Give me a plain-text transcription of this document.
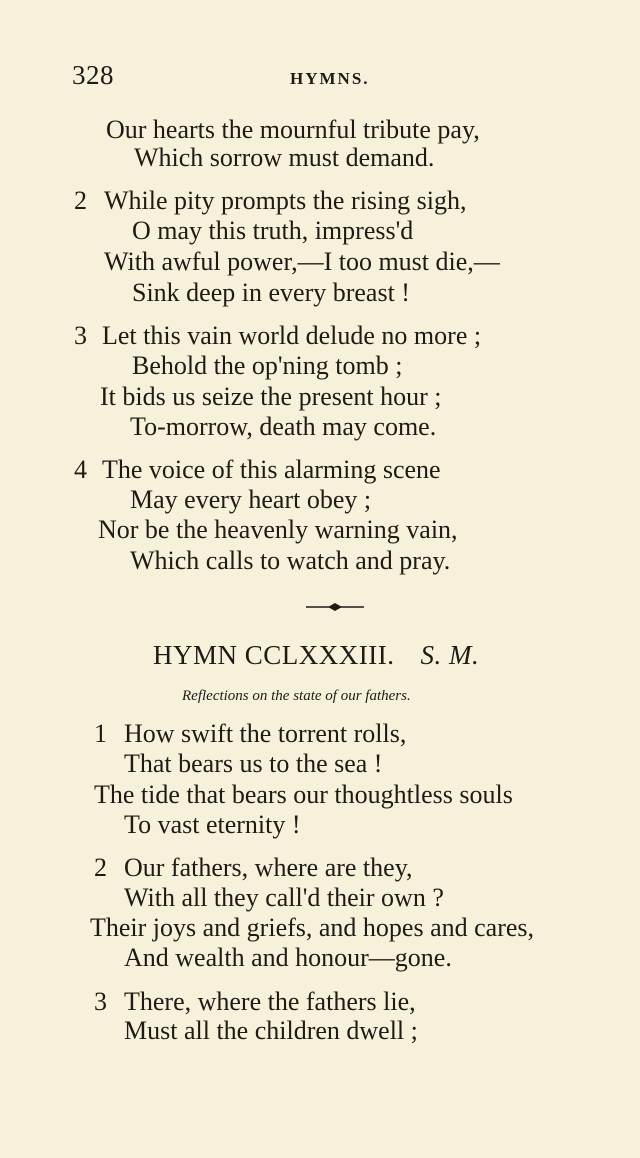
328	HYMNS.
Our hearts the mournful tribute pay,
Which sorrow must demand.
2 While pity prompts the rising sigh,
O may this truth, impress'd
With awful power,—I too must die,—
Sink deep in every breast !
3 Let this vain world delude no more ;
Behold the op'ning tomb ;
It bids us seize the present hour ;
To-morrow, death may come.
4 The voice of this alarming scene
May every heart obey ;
Nor be the heavenly warning vain,
Which calls to watch and pray.
HYMN CCLXXXIII. S. M.
Reflections on the state of our fathers.
1 How swift the torrent rolls,
That bears us to the sea !
The tide that bears our thoughtless souls
To vast eternity !
2 Our fathers, where are they,
With all they call'd their own ?
Their joys and griefs, and hopes and cares,
And wealth and honour—gone.
3 There, where the fathers lie,
Must all the children dwell ;
